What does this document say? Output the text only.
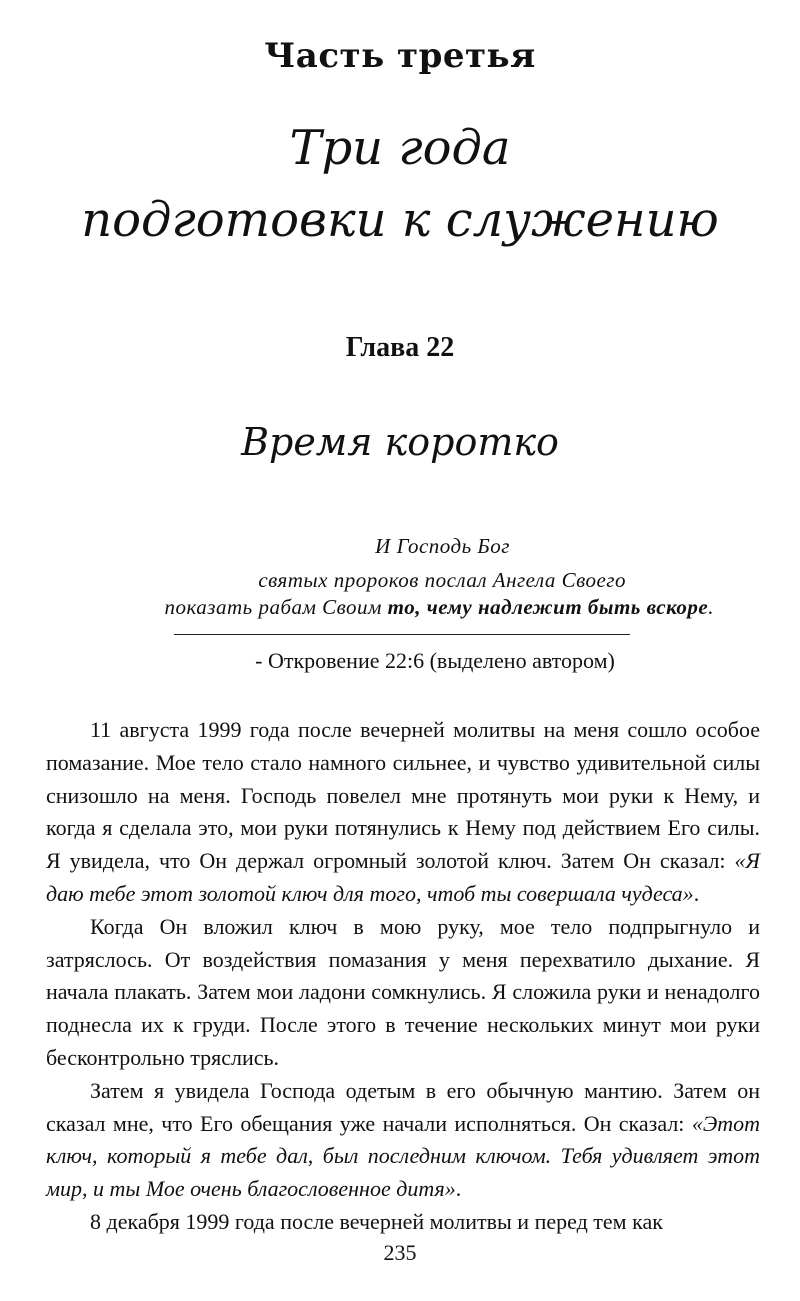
Часть третья
Три года
подготовки к служению
Глава 22
Время коротко
И Господь Бог
святых пророков послал Ангела Своего
показать рабам Своим то, чему надлежит быть вскоре.
- Откровение 22:6 (выделено автором)

11 августа 1999 года после вечерней молитвы на меня сошло особое помазание. Мое тело стало намного сильнее, и чувство удивительной силы снизошло на меня. Господь повелел мне протянуть мои руки к Нему, и когда я сделала это, мои руки потянулись к Нему под действием Его силы. Я увидела, что Он держал огромный золотой ключ. Затем Он сказал: «Я даю тебе этот золотой ключ для того, чтоб ты совершала чудеса».

Когда Он вложил ключ в мою руку, мое тело подпрыгнуло и затряслось. От воздействия помазания у меня перехватило дыхание. Я начала плакать. Затем мои ладони сомкнулись. Я сложила руки и ненадолго поднесла их к груди. После этого в течение нескольких минут мои руки бесконтрольно тряслись.

Затем я увидела Господа одетым в его обычную мантию. Затем он сказал мне, что Его обещания уже начали исполняться. Он сказал: «Этот ключ, который я тебе дал, был последним ключом. Тебя удивляет этот мир, и ты Мое очень благословенное дитя».

8 декабря 1999 года после вечерней молитвы и перед тем как

235
